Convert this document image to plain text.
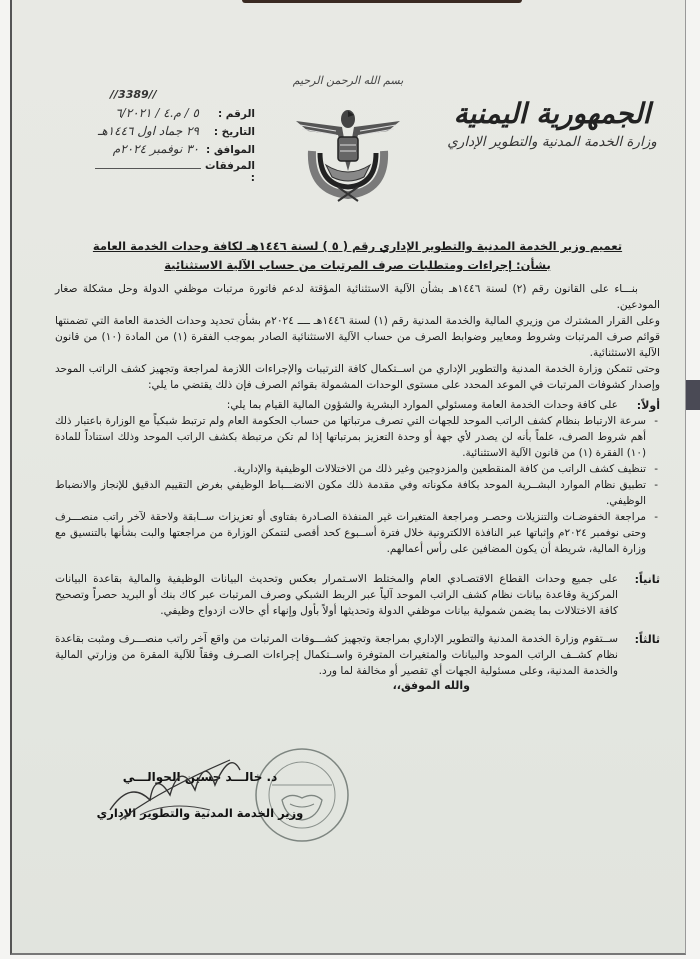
الجمهورية اليمنية
وزارة الخدمة المدنية والتطوير الإداري
بسم الله الرحمن الرحيم
//3389//
الرقم :
٥ / م.٤ / ٦/٢٠٢١
التاريخ :
٢٩ جماد اول ١٤٤٦هـ
الموافق :
٣٠ نوفمبر ٢٠٢٤م
المرفقات :
تعميم وزير الخدمة المدنية والتطوير الإداري رقم ( ٥ ) لسنة ١٤٤٦هـ لكافة وحدات الخدمة العامة
بشأن: إجراءات ومتطلبات صرف المرتبات من حساب الآلية الاستثنائية

بنـــاء على القانون رقم (٢) لسنة ١٤٤٦هـ بشأن الآلية الاستثنائية المؤقتة لدعم فاتورة مرتبات موظفي الدولة وحل مشكلة صغار المودعين.

وعلى القرار المشترك من وزيري المالية والخدمة المدنية رقم (١) لسنة ١٤٤٦هـ ــــ ٢٠٢٤م بشأن تحديد وحدات الخدمة العامة التي تضمنتها قوائم صرف المرتبات وشروط ومعايير وضوابط الصرف من حساب الآلية الاستثنائية الصادر بموجب الفقرة (١) من المادة (١٠) من قانون الآلية الاستثنائية.

وحتى تتمكن وزارة الخدمة المدنية والتطوير الإداري من اســتكمال كافة الترتيبات والإجراءات اللازمة لمراجعة وتجهيز كشف الراتب الموحد وإصدار كشوفات المرتبات في الموعد المحدد على مستوى الوحدات المشمولة بقوائم الصرف فإن ذلك يقتضي ما يلي:

أولاً:

على كافة وحدات الخدمة العامة ومسئولي الموارد البشرية والشؤون المالية القيام بما يلي:

- سرعة الارتباط بنظام كشف الراتب الموحد للجهات التي تصرف مرتباتها من حساب الحكومة العام ولم ترتبط شبكياً مع الوزارة باعتبار ذلك أهم شروط الصرف، علماً بأنه لن يصدر لأي جهة أو وحدة التعزيز بمرتباتها إذا لم تكن مرتبطة بكشف الراتب الموحد وذلك استناداً للمادة (١٠) الفقرة (١) من قانون الآلية الاستثنائية.
- تنظيف كشف الراتب من كافة المنقطعين والمزدوجين وغير ذلك من الاختلالات الوظيفية والإدارية.
- تطبيق نظام الموارد البشــرية الموحد بكافة مكوناته وفي مقدمة ذلك مكون الانضـــباط الوظيفي بغرض التقييم الدقيق للإنجاز والانضباط الوظيفي.
- مراجعة الخفوضـات والتنزيلات وحصـر ومراجعة المتغيرات غير المنفذة الصـادرة بفتاوى أو تعزيزات ســابقة ولاحقة لآخر راتب منصـــرف وحتى نوفمبر ٢٠٢٤م وإثباتها عبر النافذة الالكترونية خلال فترة أســبوع كحد أقصى لتتمكن الوزارة من مراجعتها والبت بشأنها بالتنسيق مع وزارة المالية، شريطة أن يكون المضافين على رأس أعمالهم.
ثانياً:

على جميع وحدات القطاع الاقتصـادي العام والمختلط الاسـتمرار بعكس وتحديث البيانات الوظيفية والمالية بقاعدة البيانات المركزية وقاعدة بيانات نظام كشف الراتب الموحد آلياً عبر الربط الشبكي وصرف المرتبات عبر كاك بنك أو البريد حصراً وتصحيح كافة الاختلالات بما يضمن شمولية بيانات موظفي الدولة وتحديثها أولاً بأول وإنهاء أي حالات ازدواج وظيفي.

ثالثاً:

ســتقوم وزارة الخدمة المدنية والتطوير الإداري بمراجعة وتجهيز كشـــوفات المرتبات من واقع آخر راتب منصـــرف ومثبت بقاعدة نظام كشــف الراتب الموحد والبيانات والمتغيرات المتوفرة واســتكمال إجراءات الصـرف وفقاً للآلية المقرة من وزارتي المالية والخدمة المدنية، وعلى مسئولية الجهات أي تقصير أو مخالفة لما ورد.

والله الموفق،،
د. خالـــد حسين الحوالـــي
وزير الخدمة المدنية والتطوير الإداري
